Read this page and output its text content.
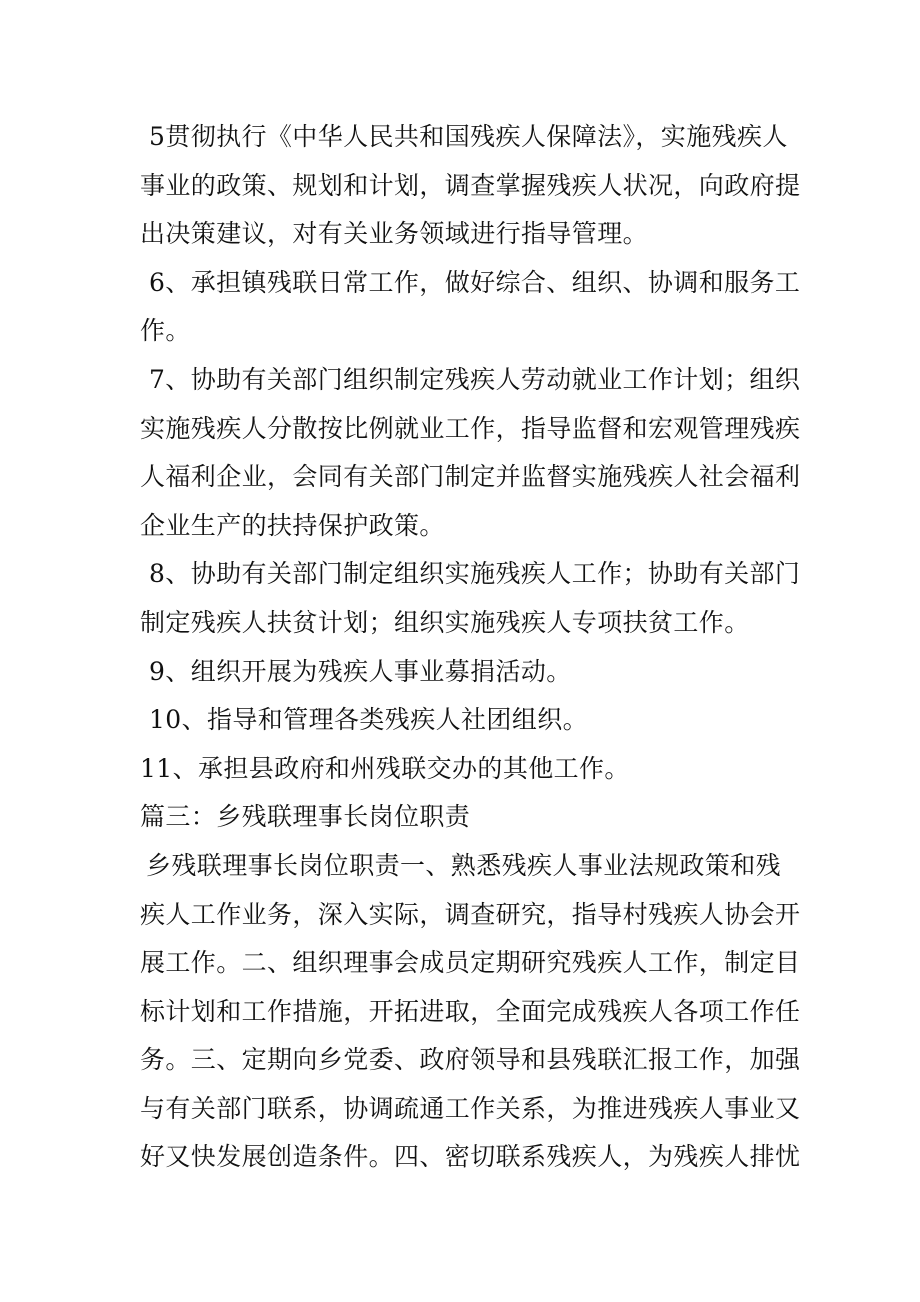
5贯彻执行《中华人民共和国残疾人保障法》，实施残疾人
事业的政策、规划和计划，调查掌握残疾人状况，向政府提
出决策建议，对有关业务领域进行指导管理。
6、承担镇残联日常工作，做好综合、组织、协调和服务工
作。
7、协助有关部门组织制定残疾人劳动就业工作计划；组织
实施残疾人分散按比例就业工作，指导监督和宏观管理残疾
人福利企业，会同有关部门制定并监督实施残疾人社会福利
企业生产的扶持保护政策。
8、协助有关部门制定组织实施残疾人工作；协助有关部门
制定残疾人扶贫计划；组织实施残疾人专项扶贫工作。
9、组织开展为残疾人事业募捐活动。
10、指导和管理各类残疾人社团组织。
11、承担县政府和州残联交办的其他工作。
篇三：乡残联理事长岗位职责
乡残联理事长岗位职责一、熟悉残疾人事业法规政策和残
疾人工作业务，深入实际，调查研究，指导村残疾人协会开
展工作。二、组织理事会成员定期研究残疾人工作，制定目
标计划和工作措施，开拓进取，全面完成残疾人各项工作任
务。三、定期向乡党委、政府领导和县残联汇报工作，加强
与有关部门联系，协调疏通工作关系，为推进残疾人事业又
好又快发展创造条件。四、密切联系残疾人，为残疾人排忧
